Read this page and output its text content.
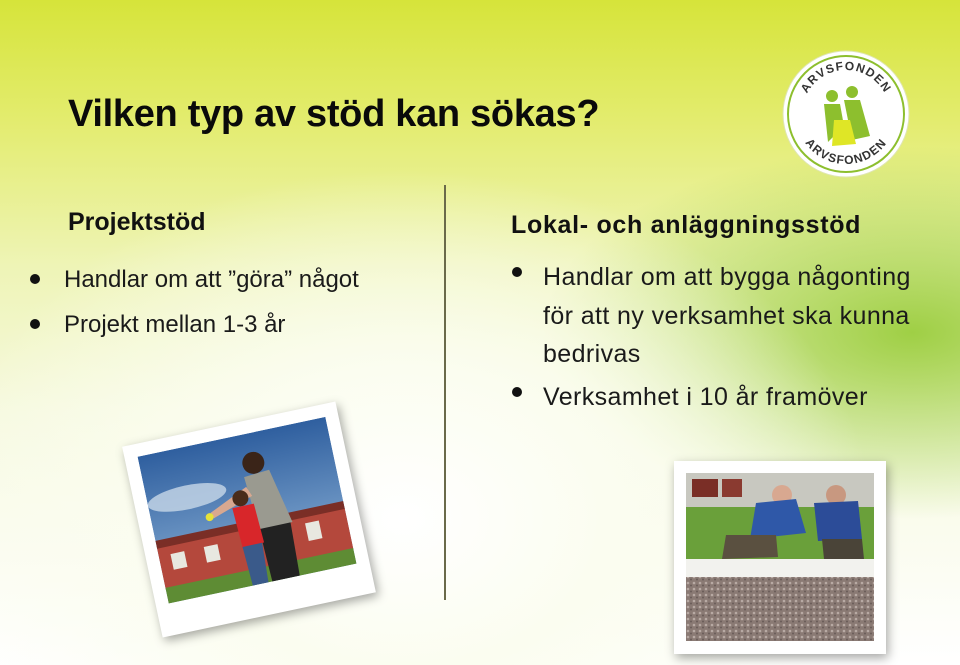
Vilken typ av stöd kan sökas?
ARVSFONDEN
ARVSFONDEN
Projektstöd
Handlar om att ”göra” något
Projekt mellan 1-3 år
Lokal- och anläggningsstöd
Handlar om att bygga någonting för att ny verksamhet ska kunna bedrivas
Verksamhet i 10 år framöver
